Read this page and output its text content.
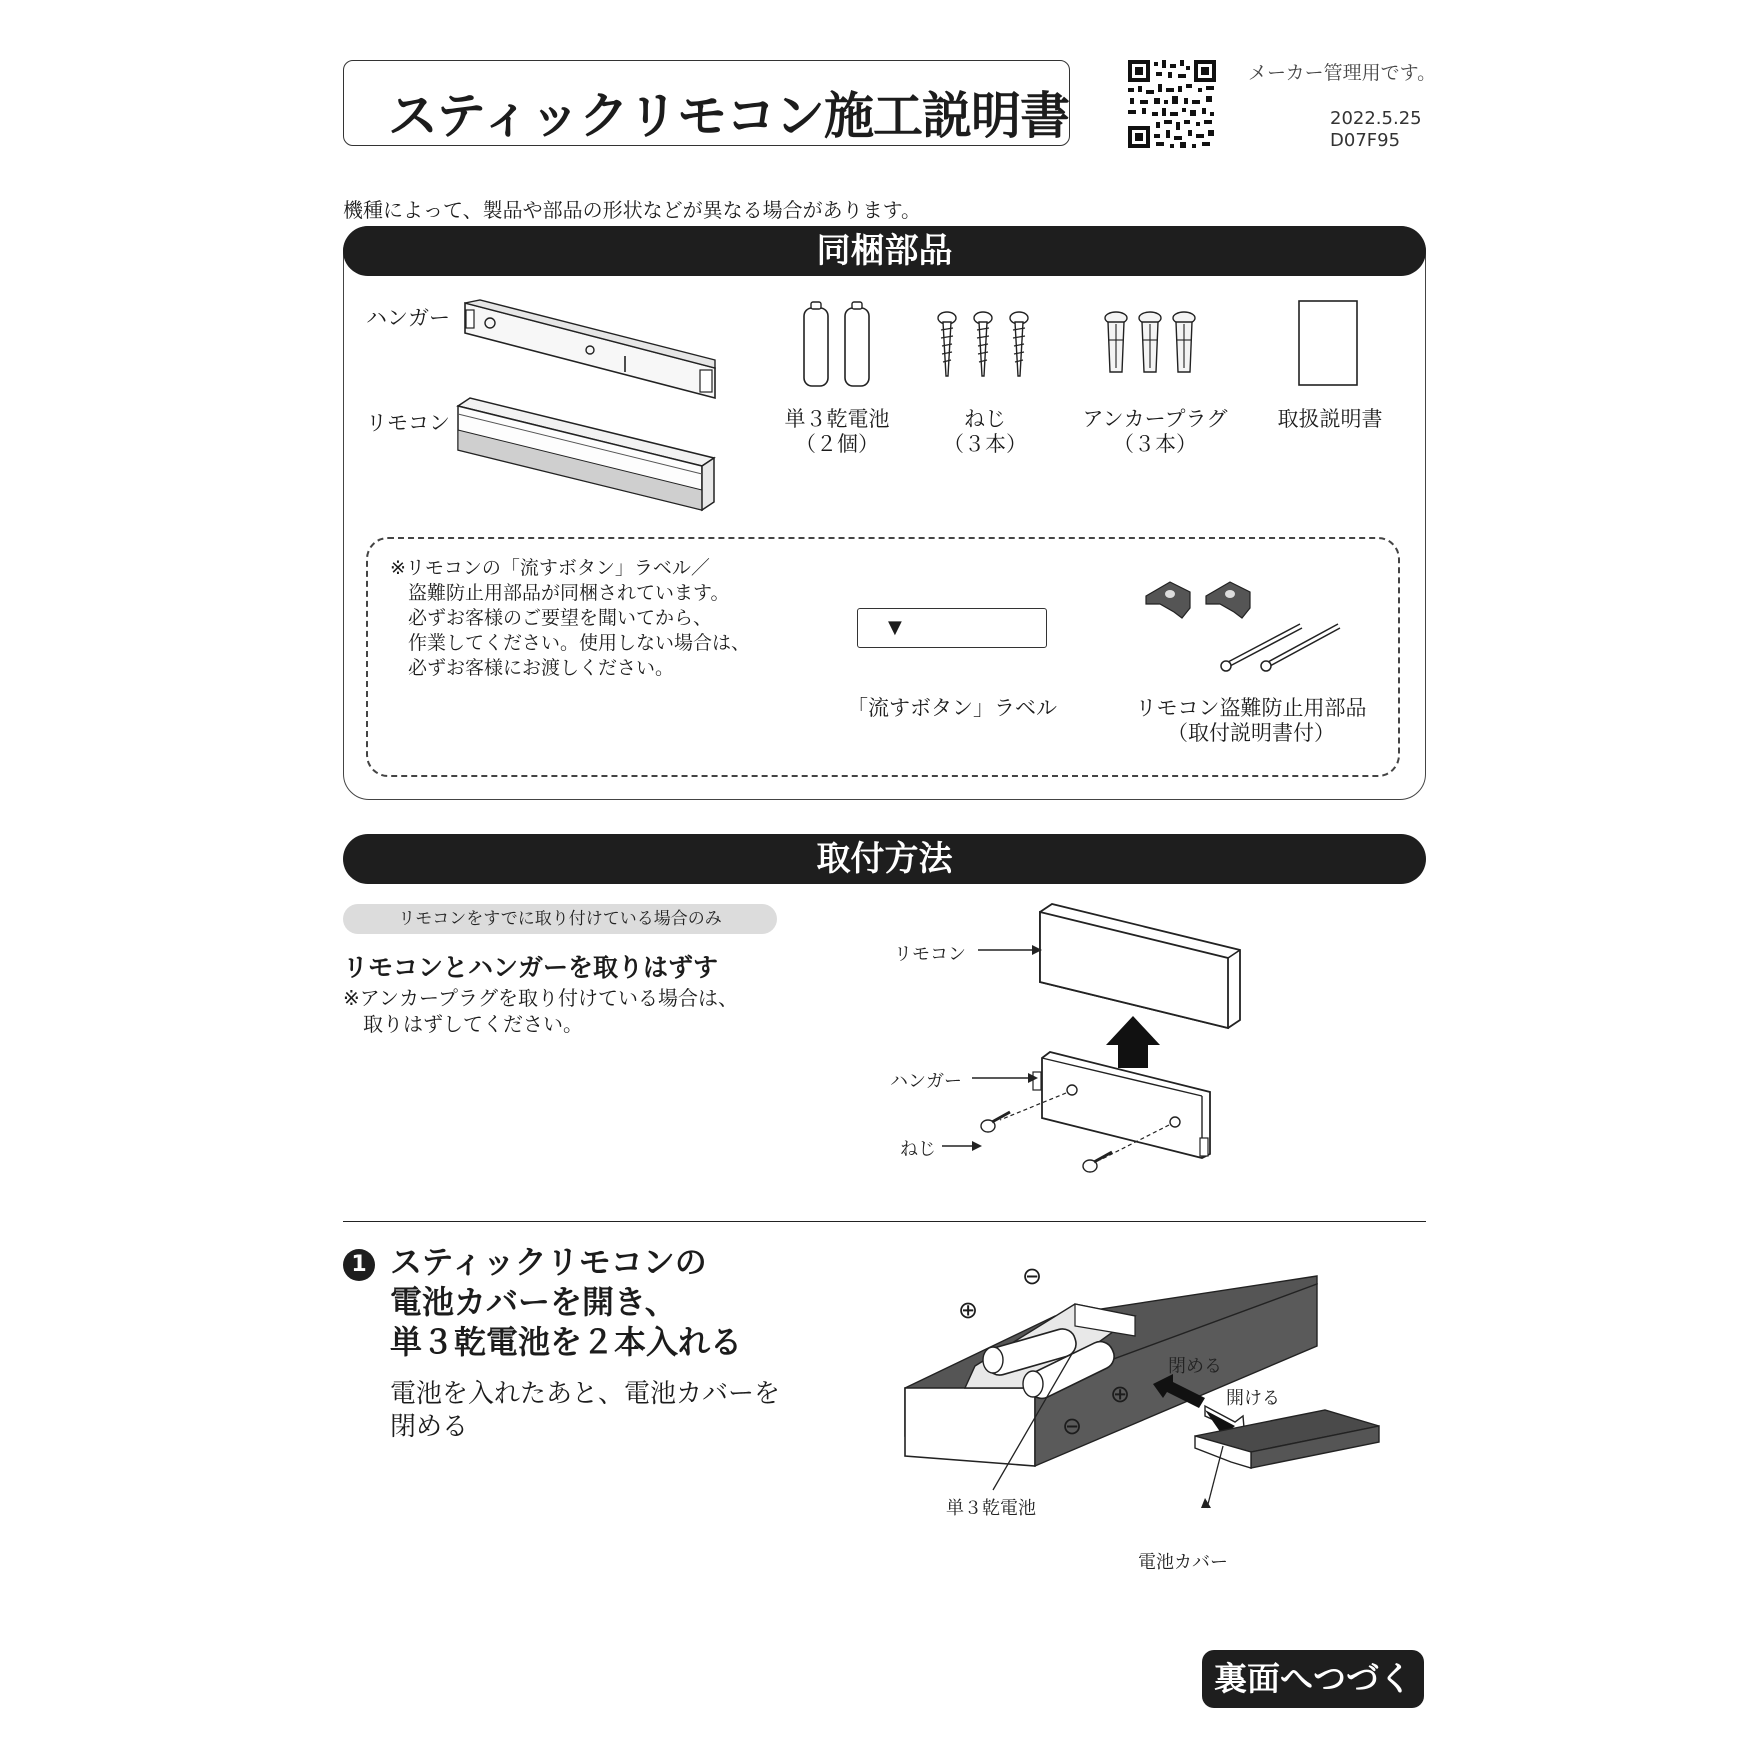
スティックリモコン施工説明書
メーカー管理用です。
2022.5.25
D07F95
機種によって、製品や部品の形状などが異なる場合があります。
同梱部品
ハンガー
リモコン	単３乾電池
（２個）
ねじ
（３本）
アンカープラグ
（３本）
取扱説明書
※リモコンの「流すボタン」ラベル／
盗難防止用部品が同梱されています。
必ずお客様のご要望を聞いてから、
作業してください。使用しない場合は、
必ずお客様にお渡しください。
▼
「流すボタン」ラベル	リモコン盗難防止用部品
（取付説明書付）
取付方法
リモコンをすでに取り付けている場合のみ
リモコンとハンガーを取りはずす
※アンカープラグを取り付けている場合は、
取りはずしてください。
リモコン
ハンガー
ねじ
1 スティックリモコンの
電池カバーを開き、
単３乾電池を２本入れる
電池を入れたあと、電池カバーを
閉める
⊕
⊖
⊕
⊖
閉める
開ける
単３乾電池
電池カバー
裏面へつづく
